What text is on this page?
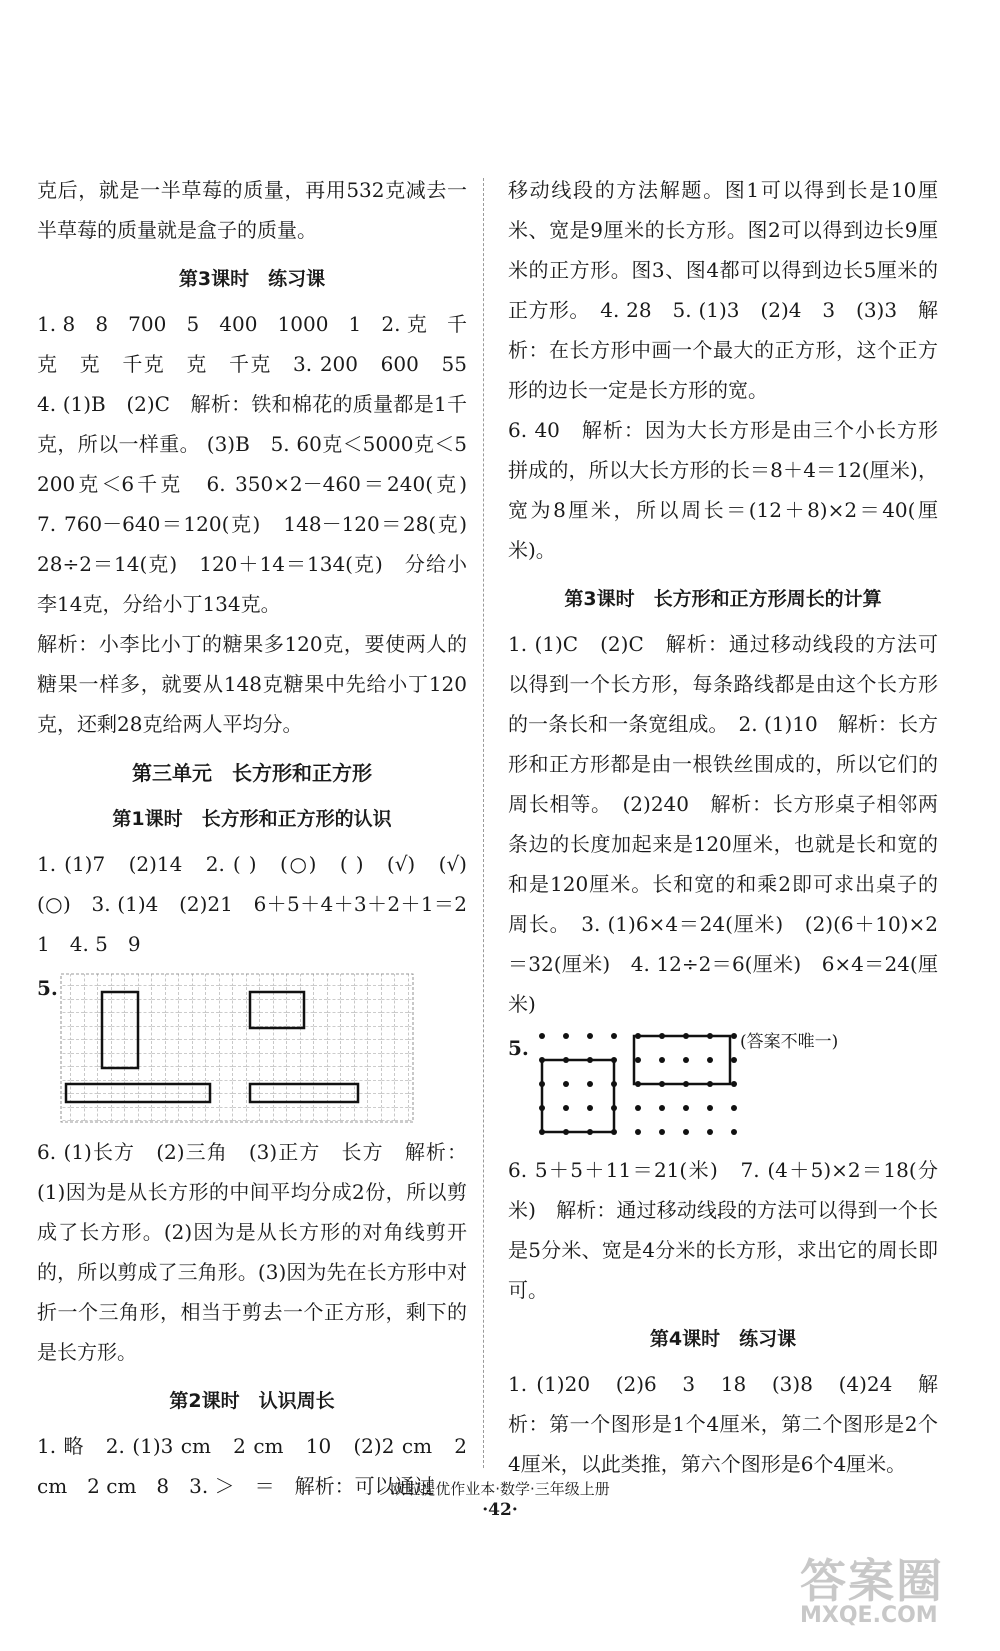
克后，就是一半草莓的质量，再用532克减去一半草莓的质量就是盒子的质量。

第3课时　练习课

1. 8　8　700　5　400　1000　1　2. 克　千克　克　千克　克　千克　3. 200　600　55　4. (1)B　(2)C　解析：铁和棉花的质量都是1千克，所以一样重。 (3)B　5. 60克＜5000克＜5200克＜6千克　6. 350×2－460＝240(克)　7. 760－640＝120(克)　148－120＝28(克)　28÷2＝14(克)　120＋14＝134(克)　分给小李14克，分给小丁134克。

解析：小李比小丁的糖果多120克，要使两人的糖果一样多，就要从148克糖果中先给小丁120克，还剩28克给两人平均分。

第三单元　长方形和正方形
第1课时　长方形和正方形的认识

1. (1)7　(2)14　2. ( )　(○)　( )　(√)　(√)　(○)　3. (1)4　(2)21　6＋5＋4＋3＋2＋1＝21　4. 5　9

5.

6. (1)长方　(2)三角　(3)正方　长方　解析：(1)因为是从长方形的中间平均分成2份，所以剪成了长方形。(2)因为是从长方形的对角线剪开的，所以剪成了三角形。(3)因为先在长方形中对折一个三角形，相当于剪去一个正方形，剩下的是长方形。

第2课时　认识周长

1. 略　2. (1)3 cm　2 cm　10　(2)2 cm　2 cm　2 cm　8　3. ＞　＝　解析：可以通过

移动线段的方法解题。图1可以得到长是10厘米、宽是9厘米的长方形。图2可以得到边长9厘米的正方形。图3、图4都可以得到边长5厘米的正方形。　4. 28　5. (1)3　(2)4　3　(3)3　解析：在长方形中画一个最大的正方形，这个正方形的边长一定是长方形的宽。

6. 40　解析：因为大长方形是由三个小长方形拼成的，所以大长方形的长＝8＋4＝12(厘米)，宽为8厘米，所以周长＝(12＋8)×2＝40(厘米)。

第3课时　长方形和正方形周长的计算

1. (1)C　(2)C　解析：通过移动线段的方法可以得到一个长方形，每条路线都是由这个长方形的一条长和一条宽组成。　2. (1)10　解析：长方形和正方形都是由一根铁丝围成的，所以它们的周长相等。　(2)240　解析：长方形桌子相邻两条边的长度加起来是120厘米，也就是长和宽的和是120厘米。长和宽的和乘2即可求出桌子的周长。　3. (1)6×4＝24(厘米)　(2)(6＋10)×2＝32(厘米)　4. 12÷2＝6(厘米)　6×4＝24(厘米)

5.	(答案不唯一)

6. 5＋5＋11＝21(米)　7. (4＋5)×2＝18(分米)　解析：通过移动线段的方法可以得到一个长是5分米、宽是4分米的长方形，求出它的周长即可。

第4课时　练习课

1. (1)20　(2)6　3　18　(3)8　(4)24　解析：第一个图形是1个4厘米，第二个图形是2个4厘米，以此类推，第六个图形是6个4厘米。

欧啦提优作业本·数学·三年级上册
·42·
答案圈
MXQE.COM
